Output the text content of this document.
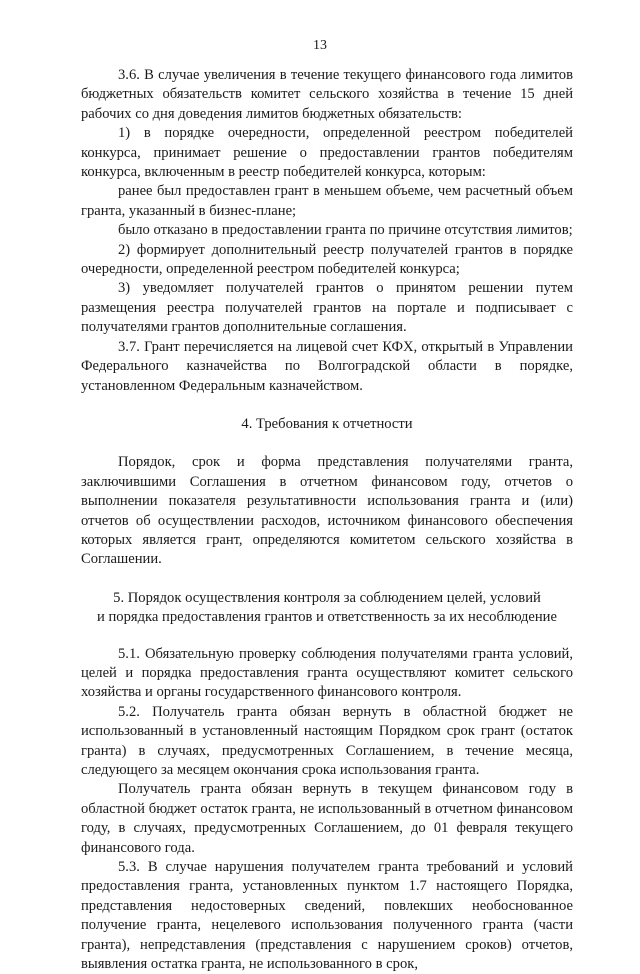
13

3.6. В случае увеличения в течение текущего финансового года лимитов бюджетных обязательств комитет сельского хозяйства в течение 15 дней рабочих со дня доведения лимитов бюджетных обязательств:

1) в порядке очередности, определенной реестром победителей конкурса, принимает решение о предоставлении грантов победителям конкурса, включенным в реестр победителей конкурса, которым:

ранее был предоставлен грант в меньшем объеме, чем расчетный объем гранта, указанный в бизнес-плане;

было отказано в предоставлении гранта по причине отсутствия лимитов;

2) формирует дополнительный реестр получателей грантов в порядке очередности, определенной реестром победителей конкурса;

3) уведомляет получателей грантов о принятом решении путем размещения реестра получателей грантов на портале и подписывает с получателями грантов дополнительные соглашения.

3.7. Грант перечисляется на лицевой счет КФХ, открытый в Управлении Федерального казначейства по Волгоградской области в порядке, установленном Федеральным казначейством.

4. Требования к отчетности

Порядок, срок и форма представления получателями гранта, заключившими Соглашения в отчетном финансовом году, отчетов о выполнении показателя результативности использования гранта и (или) отчетов об осуществлении расходов, источником финансового обеспечения которых является грант, определяются комитетом сельского хозяйства в Соглашении.

5. Порядок осуществления контроля за соблюдением целей, условий
и порядка предоставления грантов и ответственность за их несоблюдение

5.1. Обязательную проверку соблюдения получателями гранта условий, целей и порядка предоставления гранта осуществляют комитет сельского хозяйства и органы государственного финансового контроля.

5.2. Получатель гранта обязан вернуть в областной бюджет не использованный в установленный настоящим Порядком срок грант (остаток гранта) в случаях, предусмотренных Соглашением, в течение месяца, следующего за месяцем окончания срока использования гранта.

Получатель гранта обязан вернуть в текущем финансовом году в областной бюджет остаток гранта, не использованный в отчетном финансовом году, в случаях, предусмотренных Соглашением, до 01 февраля текущего финансового года.

5.3. В случае нарушения получателем гранта требований и условий предоставления гранта, установленных пунктом 1.7 настоящего Порядка, представления недостоверных сведений, повлекших необоснованное получение гранта, нецелевого использования полученного гранта (части гранта), непредставления (представления с нарушением сроков) отчетов, выявления остатка гранта, не использованного в срок,
